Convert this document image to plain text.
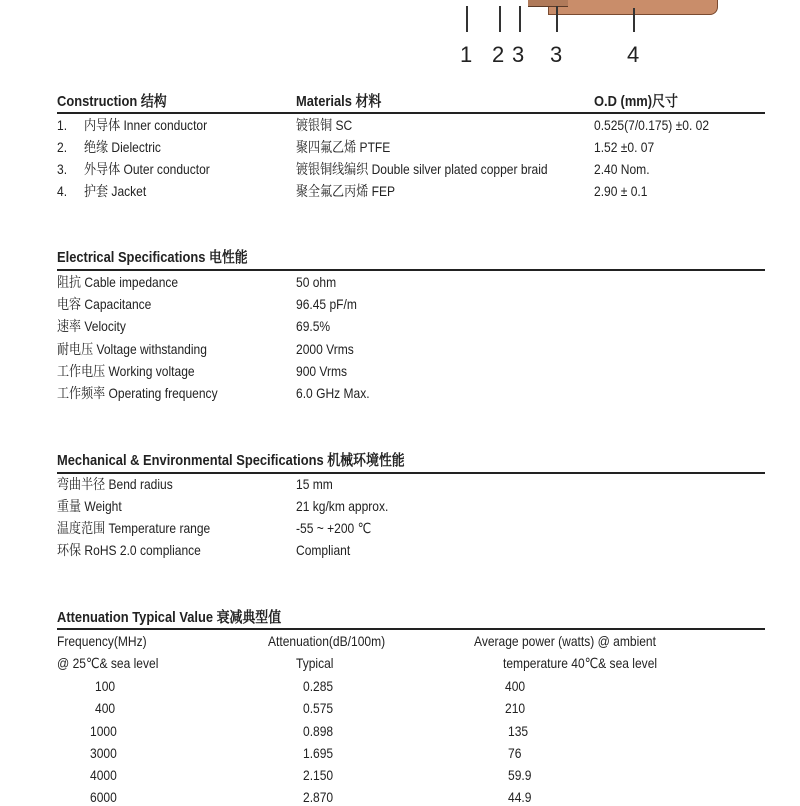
1 2 3 3	4
Construction 结构	Materials 材料	O.D (mm)尺寸
1. 内导体 Inner conductor	镀银铜 SC	0.525(7/0.175) ±0. 02
2. 绝缘 Dielectric	聚四氟乙烯 PTFE	1.52 ±0. 07
3. 外导体 Outer conductor	镀银铜线编织 Double silver plated copper braid	2.40 Nom.
4. 护套 Jacket	聚全氟乙丙烯 FEP	2.90 ± 0.1
Electrical Specifications 电性能
阻抗 Cable impedance	50 ohm
电容 Capacitance	96.45 pF/m
速率 Velocity	69.5%
耐电压 Voltage withstanding	2000 Vrms
工作电压 Working voltage	900 Vrms
工作频率 Operating frequency	6.0 GHz Max.
Mechanical & Environmental Specifications 机械环境性能
弯曲半径 Bend radius	15 mm
重量 Weight	21 kg/km approx.
温度范围 Temperature range	-55 ~ +200 ℃
环保 RoHS 2.0 compliance	Compliant
Attenuation Typical Value 衰减典型值
Frequency(MHz)	Attenuation(dB/100m)	Average power (watts) @ ambient
@ 25℃& sea level	Typical	temperature 40℃& sea level
100	0.285	400
400	0.575	210
1000	0.898	135
3000	1.695	76
4000	2.150	59.9
6000	2.870	44.9
